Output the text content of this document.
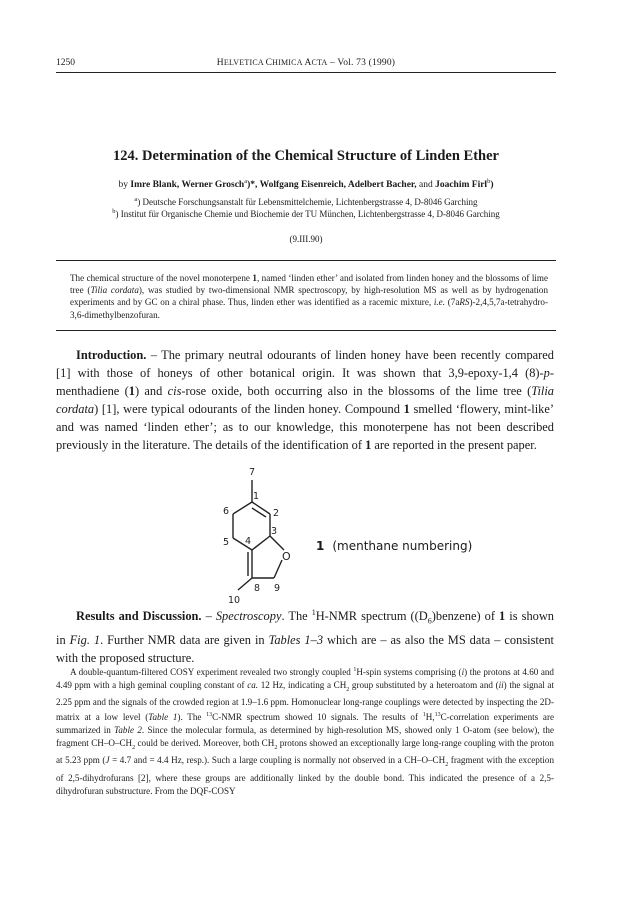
1250	HELVETICA CHIMICA ACTA – Vol. 73 (1990)
124. Determination of the Chemical Structure of Linden Ether
by Imre Blank, Werner Grosch$^a$)*, Wolfgang Eisenreich, Adelbert Bacher, and Joachim Firl$^b$)
$^a$) Deutsche Forschungsanstalt für Lebensmittelchemie, Lichtenbergstrasse 4, D-8046 Garching
$^b$) Institut für Organische Chemie und Biochemie der TU München, Lichtenbergstrasse 4, D-8046 Garching
(9.III.90)
The chemical structure of the novel monoterpene 1, named ‘linden ether’ and isolated from linden honey and the blossoms of lime tree (Tilia cordata), was studied by two-dimensional NMR spectroscopy, by high-resolution MS as well as by hydrogenation experiments and by GC on a chiral phase. Thus, linden ether was identified as a racemic mixture, i.e. (7aRS)-2,4,5,7a-tetrahydro-3,6-dimethylbenzofuran.
Introduction. – The primary neutral odourants of linden honey have been recently compared [1] with those of honeys of other botanical origin. It was shown that 3,9-epoxy-1,4 (8)-p-menthadiene (1) and cis-rose oxide, both occurring also in the blossoms of the lime tree (Tilia cordata) [1], were typical odourants of the linden honey. Compound 1 smelled ‘flowery, mint-like’ and was named ‘linden ether’; as to our knowledge, this monoterpene has not been described previously in the literature. The details of the identification of 1 are reported in the present paper.
7
1
2
3
4
5
6
O
8 9
10
1 (menthane numbering)
Results and Discussion. – Spectroscopy. The $^1$H-NMR spectrum $((D_6)benzene)$ of 1 is shown in Fig. 1. Further NMR data are given in Tables 1–3 which are – as also the MS data – consistent with the proposed structure.
A double-quantum-filtered COSY experiment revealed two strongly coupled $^1$H-spin systems comprising (i) the protons at 4.60 and 4.49 ppm with a high geminal coupling constant of ca. 12 Hz, indicating a $CH_2$ group substituted by a heteroatom and (ii) the signal at 2.25 ppm and the signals of the crowded region at 1.9–1.6 ppm. Homonuclear long-range couplings were detected by inspecting the 2D-matrix at a low level (Table 1). The $^{13}$C-NMR spectrum showed 10 signals. The results of $^1$H,$^{13}$C-correlation experiments are summarized in Table 2. Since the molecular formula, as determined by high-resolution MS, showed only 1 O-atom (see below), the fragment $CH-O-CH_2$ could be derived. Moreover, both $CH_2$ protons showed an exceptionally large long-range coupling with the proton at 5.23 ppm (J = 4.7 and = 4.4 Hz, resp.). Such a large coupling is normally not observed in a $CH-O-CH_2$ fragment with the exception of 2,5-dihydrofurans [2], where these groups are additionally linked by the double bond. This indicated the presence of a 2,5-dihydrofuran substructure. From the DQF-COSY
